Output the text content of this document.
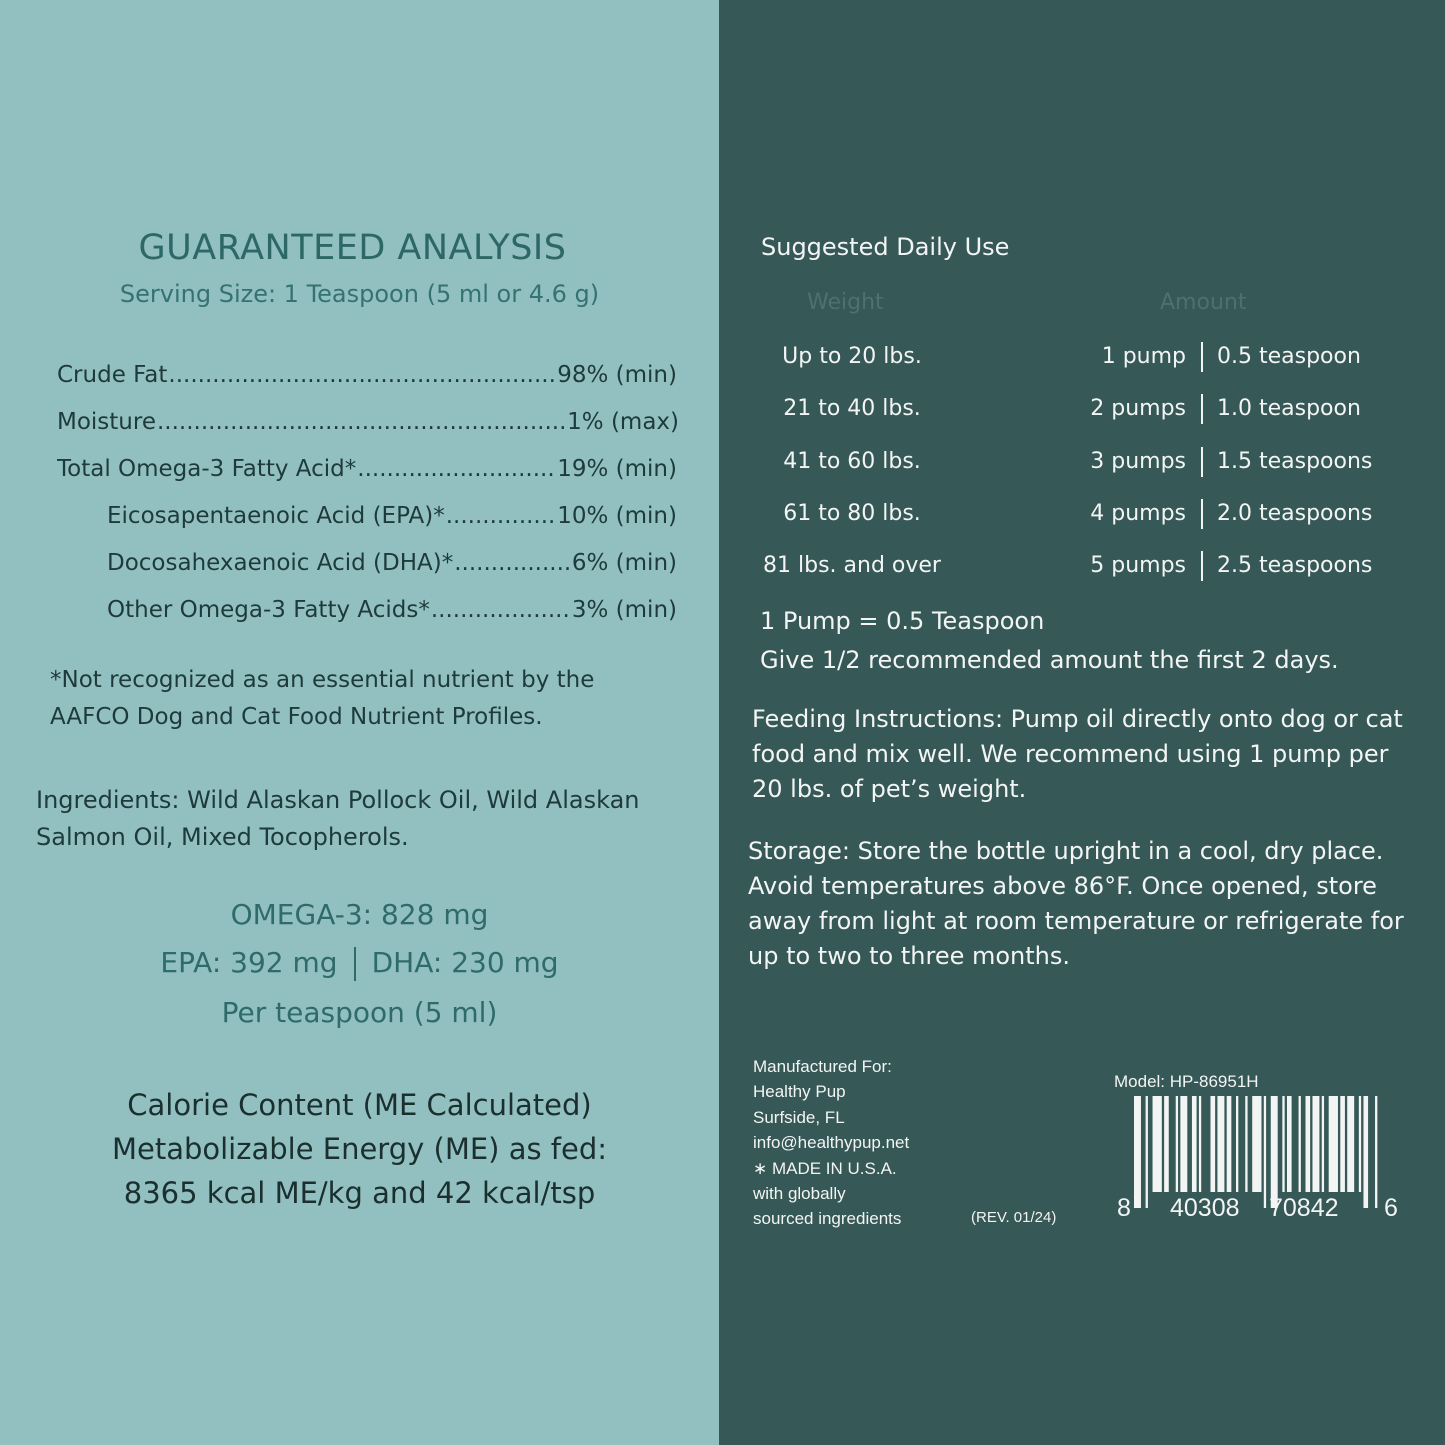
GUARANTEED ANALYSIS
Serving Size: 1 Teaspoon (5 ml or 4.6 g)
Crude Fat .....	98% (min)
Moisture .....	1% (max)
Total Omega-3 Fatty Acid* .....	19% (min)
Eicosapentaenoic Acid (EPA)* .....	10% (min)
Docosahexaenoic Acid (DHA)* .....	6% (min)
Other Omega-3 Fatty Acids* .....	3% (min)
*Not recognized as an essential nutrient by the
AAFCO Dog and Cat Food Nutrient Profiles.
Ingredients: Wild Alaskan Pollock Oil, Wild Alaskan
Salmon Oil, Mixed Tocopherols.
OMEGA-3: 828 mg
EPA: 392 mg DHA: 230 mg
Per teaspoon (5 ml)
Calorie Content (ME Calculated)
Metabolizable Energy (ME) as fed:
8365 kcal ME/kg and 42 kcal/tsp
Suggested Daily Use
Weight	Amount
Up to 20 lbs.	1 pump 0.5 teaspoon
21 to 40 lbs.	2 pumps 1.0 teaspoon
41 to 60 lbs.	3 pumps 1.5 teaspoons
61 to 80 lbs.	4 pumps 2.0 teaspoons
81 lbs. and over	5 pumps 2.5 teaspoons
1 Pump = 0.5 Teaspoon
Give 1/2 recommended amount the first 2 days.
Feeding Instructions: Pump oil directly onto dog or cat
food and mix well. We recommend using 1 pump per
20 lbs. of pet’s weight.
Storage: Store the bottle upright in a cool, dry place.
Avoid temperatures above 86°F. Once opened, store
away from light at room temperature or refrigerate for
up to two to three months.
Manufactured For:
Healthy Pup
Surfside, FL
info@healthypup.net
∗ MADE IN U.S.A.
with globally
sourced ingredients	(REV. 01/24)
Model: HP-86951H
8 40308 70842 6
